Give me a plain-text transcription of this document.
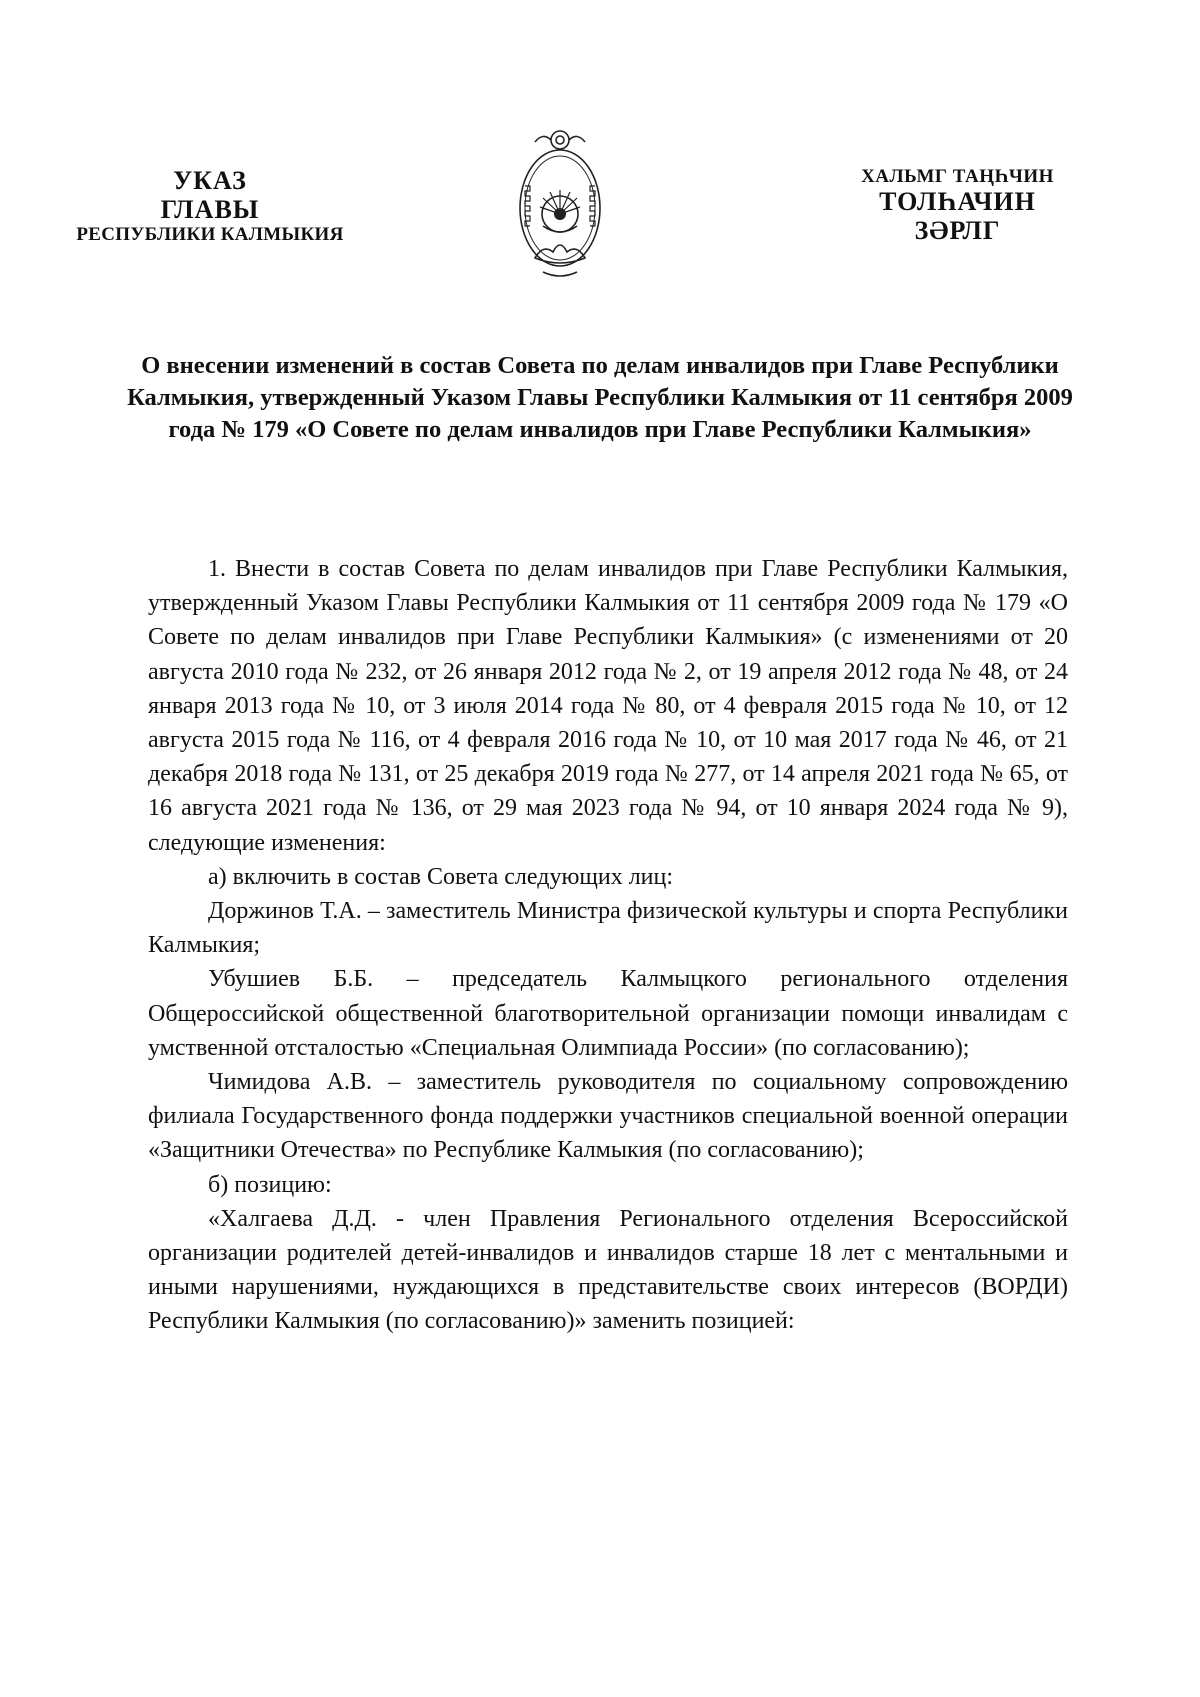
УКАЗ
ГЛАВЫ
РЕСПУБЛИКИ КАЛМЫКИЯ
ХАЛЬМГ ТАҢҺЧИН
ТОЛҺАЧИН
ЗӘРЛГ
О внесении изменений в состав Совета по делам инвалидов при Главе Республики Калмыкия, утвержденный Указом Главы Республики Калмыкия от 11 сентября 2009 года № 179 «О Совете по делам инвалидов при Главе Республики Калмыкия»

1. Внести в состав Совета по делам инвалидов при Главе Республики Калмыкия, утвержденный Указом Главы Республики Калмыкия от 11 сентября 2009 года № 179 «О Совете по делам инвалидов при Главе Республики Калмыкия» (с изменениями от 20 августа 2010 года № 232, от 26 января 2012 года № 2, от 19 апреля 2012 года № 48, от 24 января 2013 года № 10, от 3 июля 2014 года № 80, от 4 февраля 2015 года № 10, от 12 августа 2015 года № 116, от 4 февраля 2016 года № 10, от 10 мая 2017 года № 46, от 21 декабря 2018 года № 131, от 25 декабря 2019 года № 277, от 14 апреля 2021 года № 65, от 16 августа 2021 года № 136, от 29 мая 2023 года № 94, от 10 января 2024 года № 9), следующие изменения:

а) включить в состав Совета следующих лиц:

Доржинов Т.А. – заместитель Министра физической культуры и спорта Республики Калмыкия;

Убушиев Б.Б. – председатель Калмыцкого регионального отделения Общероссийской общественной благотворительной организации помощи инвалидам с умственной отсталостью «Специальная Олимпиада России» (по согласованию);

Чимидова А.В. – заместитель руководителя по социальному сопровождению филиала Государственного фонда поддержки участников специальной военной операции «Защитники Отечества» по Республике Калмыкия (по согласованию);

б) позицию:

«Халгаева Д.Д. - член Правления Регионального отделения Всероссийской организации родителей детей-инвалидов и инвалидов старше 18 лет с ментальными и иными нарушениями, нуждающихся в представительстве своих интересов (ВОРДИ) Республики Калмыкия (по согласованию)» заменить позицией:
